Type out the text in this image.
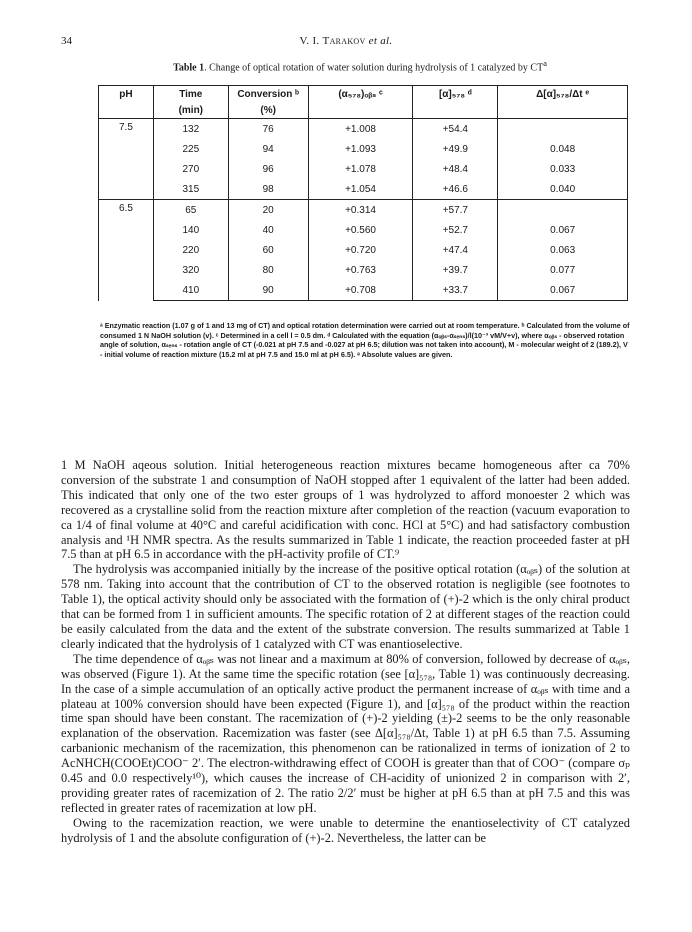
34	V. I. Tarakov et al.
Table 1. Change of optical rotation of water solution during hydrolysis of 1 catalyzed by $CT^a$
pH	Time	Conversion ᵇ	(α₅₇₈)ₒᵦₛ ᶜ	[α]₅₇₈ ᵈ	Δ[α]₅₇₈/Δt ᵉ
	(min)	(%)			
7.5	132	76	+1.008	+54.4	
	225	94	+1.093	+49.9	0.048
	270	96	+1.078	+48.4	0.033
	315	98	+1.054	+46.6	0.040
6.5	65	20	+0.314	+57.7	
	140	40	+0.560	+52.7	0.067
	220	60	+0.720	+47.4	0.063
	320	80	+0.763	+39.7	0.077
	410	90	+0.708	+33.7	0.067
ᵃ Enzymatic reaction (1.07 g of 1 and 13 mg of CT) and optical rotation determination were carried out at room temperature. ᵇ Calculated from the volume of consumed 1 N NaOH solution (v). ᶜ Determined in a cell l = 0.5 dm. ᵈ Calculated with the equation (αₒᵦₛ-αₛₑₙₛ)/l(10⁻³ vM/V+v), where αₒᵦₛ - observed rotation angle of solution, αₛₑₙₛ - rotation angle of CT (-0.021 at pH 7.5 and -0.027 at pH 6.5; dilution was not taken into account), M - molecular weight of 2 (189.2), V - initial volume of reaction mixture (15.2 ml at pH 7.5 and 15.0 ml at pH 6.5). ᵉ Absolute values are given.

1 M NaOH aqeous solution. Initial heterogeneous reaction mixtures became homogeneous after ca 70% conversion of the substrate 1 and consumption of NaOH stopped after 1 equivalent of the latter had been added. This indicated that only one of the two ester groups of 1 was hydrolyzed to afford monoester 2 which was recovered as a crystalline solid from the reaction mixture after completion of the reaction (vacuum evaporation to ca 1/4 of final volume at 40°C and careful acidification with conc. HCl at 5°C) and had satisfactory combustion analysis and ¹H NMR spectra. As the results summarized in Table 1 indicate, the reaction proceeded faster at pH 7.5 than at pH 6.5 in accordance with the pH-activity profile of CT.⁹

The hydrolysis was accompanied initially by the increase of the positive optical rotation (αₒᵦₛ) of the solution at 578 nm. Taking into account that the contribution of CT to the observed rotation is negligible (see footnotes to Table 1), the optical activity should only be associated with the formation of (+)-2 which is the only chiral product that can be formed from 1 in sufficient amounts. The specific rotation of 2 at different stages of the reaction could be easily calculated from the data and the extent of the substrate conversion. The results summarized at Table 1 clearly indicated that the hydrolysis of 1 catalyzed with CT was enantioselective.

The time dependence of αₒᵦₛ was not linear and a maximum at 80% of conversion, followed by decrease of αₒᵦₛ, was observed (Figure 1). At the same time the specific rotation (see [α]₅₇₈, Table 1) was continuously decreasing. In the case of a simple accumulation of an optically active product the permanent increase of αₒᵦₛ with time and a plateau at 100% conversion should have been expected (Figure 1), and [α]₅₇₈ of the product within the reaction time span should have been constant. The racemization of (+)-2 yielding (±)-2 seems to be the only reasonable explanation of the observation. Racemization was faster (see Δ[α]₅₇₈/Δt, Table 1) at pH 6.5 than 7.5. Assuming carbanionic mechanism of the racemization, this phenomenon can be rationalized in terms of ionization of 2 to AcNHCH(COOEt)COO⁻ 2′. The electron-withdrawing effect of COOH is greater than that of COO⁻ (compare σₚ 0.45 and 0.0 respectively¹⁰), which causes the increase of CH-acidity of unionized 2 in comparison with 2′, providing greater rates of racemization of 2. The ratio 2/2′ must be higher at pH 6.5 than at pH 7.5 and this was reflected in greater rates of racemization at low pH.

Owing to the racemization reaction, we were unable to determine the enantioselectivity of CT catalyzed hydrolysis of 1 and the absolute configuration of (+)-2. Nevertheless, the latter can be
